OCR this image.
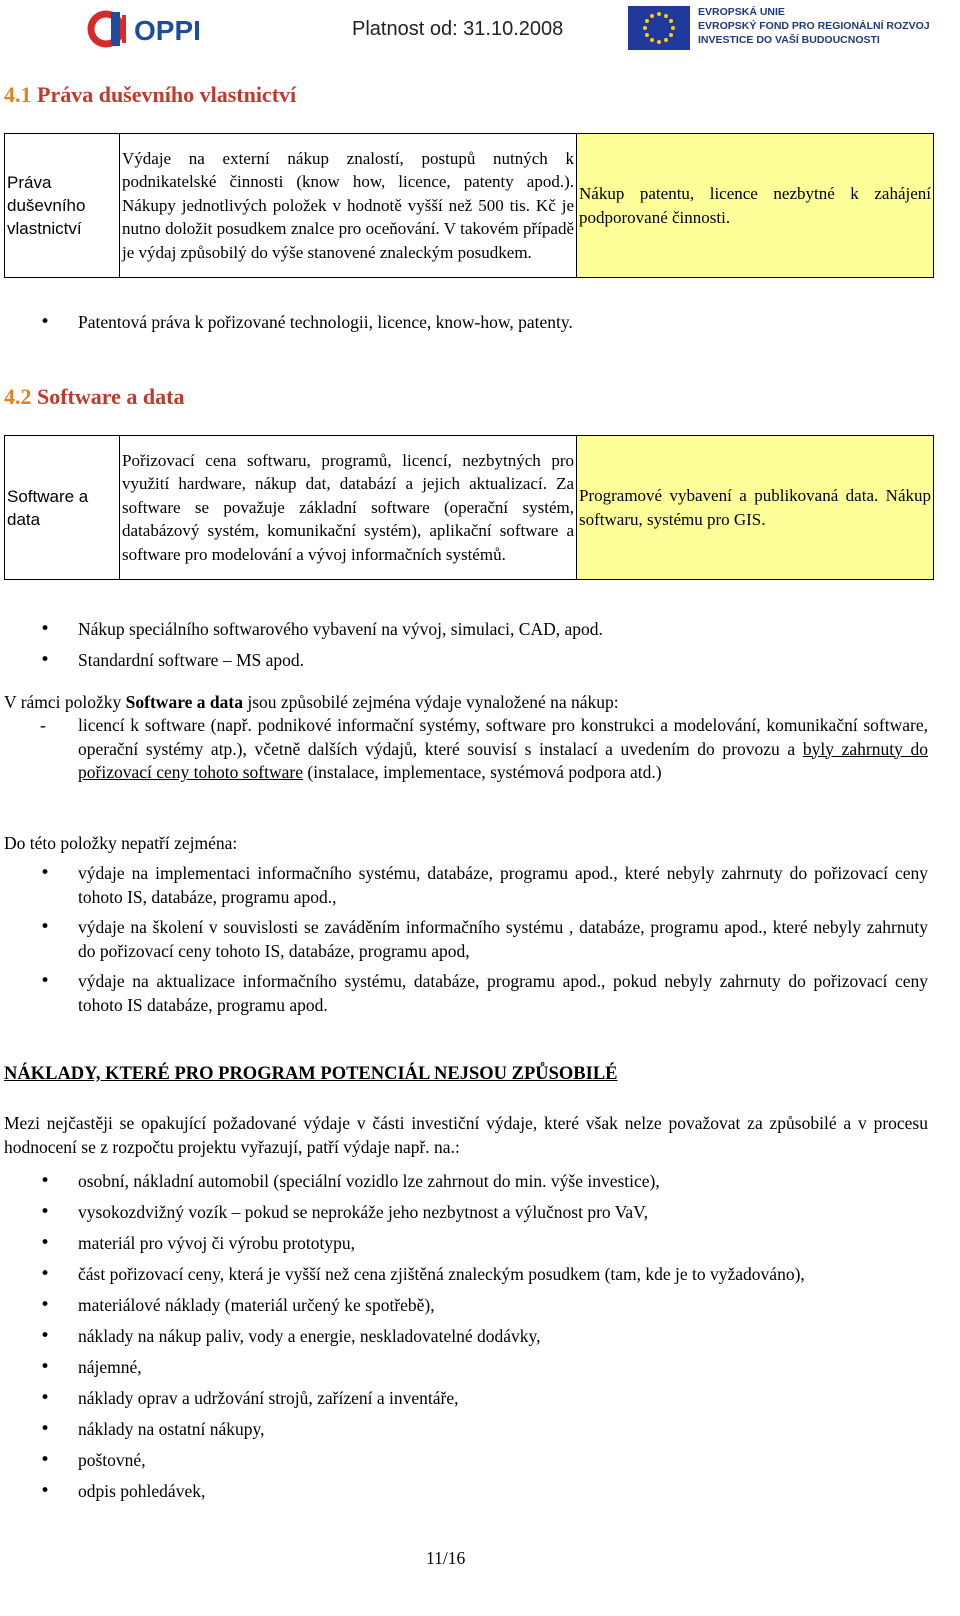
OPPI	Platnost od: 31.10.2008
EVROPSKÁ UNIE
EVROPSKÝ FOND PRO REGIONÁLNÍ ROZVOJ
INVESTICE DO VAŠÍ BUDOUCNOSTI
4.1 Práva duševního vlastnictví
Práva duševního vlastnictví	Výdaje na externí nákup znalostí, postupů nutných k podnikatelské činnosti (know how, licence, patenty apod.). Nákupy jednotlivých položek v hodnotě vyšší než 500 tis. Kč je nutno doložit posudkem znalce pro oceňování. V takovém případě je výdaj způsobilý do výše stanovené znaleckým posudkem.	Nákup patentu, licence nezbytné k zahájení podporované činnosti.
• Patentová práva k pořizované technologii, licence, know-how, patenty.
4.2 Software a data
Software a data	Pořizovací cena softwaru, programů, licencí, nezbytných pro využití hardware, nákup dat, databází a jejich aktualizací. Za software se považuje základní software (operační systém, databázový systém, komunikační systém), aplikační software a software pro modelování a vývoj informačních systémů.	Programové vybavení a publikovaná data. Nákup softwaru, systému pro GIS.
• Nákup speciálního softwarového vybavení na vývoj, simulaci, CAD, apod.
• Standardní software – MS apod.

V rámci položky Software a data jsou způsobilé zejména výdaje vynaložené na nákup:

- licencí k software (např. podnikové informační systémy, software pro konstrukci a modelování, komunikační software, operační systémy atp.), včetně dalších výdajů, které souvisí s instalací a uvedením do provozu a byly zahrnuty do pořizovací ceny tohoto software (instalace, implementace, systémová podpora atd.)

Do této položky nepatří zejména:

• výdaje na implementaci informačního systému, databáze, programu apod., které nebyly zahrnuty do pořizovací ceny tohoto IS, databáze, programu apod.,
• výdaje na školení v souvislosti se zaváděním informačního systému , databáze, programu apod., které nebyly zahrnuty do pořizovací ceny tohoto IS, databáze, programu apod,
• výdaje na aktualizace informačního systému, databáze, programu apod., pokud nebyly zahrnuty do pořizovací ceny tohoto IS databáze, programu apod.
NÁKLADY, KTERÉ PRO PROGRAM POTENCIÁL NEJSOU ZPŮSOBILÉ

Mezi nejčastěji se opakující požadované výdaje v části investiční výdaje, které však nelze považovat za způsobilé a v procesu hodnocení se z rozpočtu projektu vyřazují, patří výdaje např. na.:

• osobní, nákladní automobil (speciální vozidlo lze zahrnout do min. výše investice),
• vysokozdvižný vozík – pokud se neprokáže jeho nezbytnost a výlučnost pro VaV,
• materiál pro vývoj či výrobu prototypu,
• část pořizovací ceny, která je vyšší než cena zjištěná znaleckým posudkem (tam, kde je to vyžadováno),
• materiálové náklady (materiál určený ke spotřebě),
• náklady na nákup paliv, vody a energie, neskladovatelné dodávky,
• nájemné,
• náklady oprav a udržování strojů, zařízení a inventáře,
• náklady na ostatní nákupy,
• poštovné,
• odpis pohledávek,
11/16
